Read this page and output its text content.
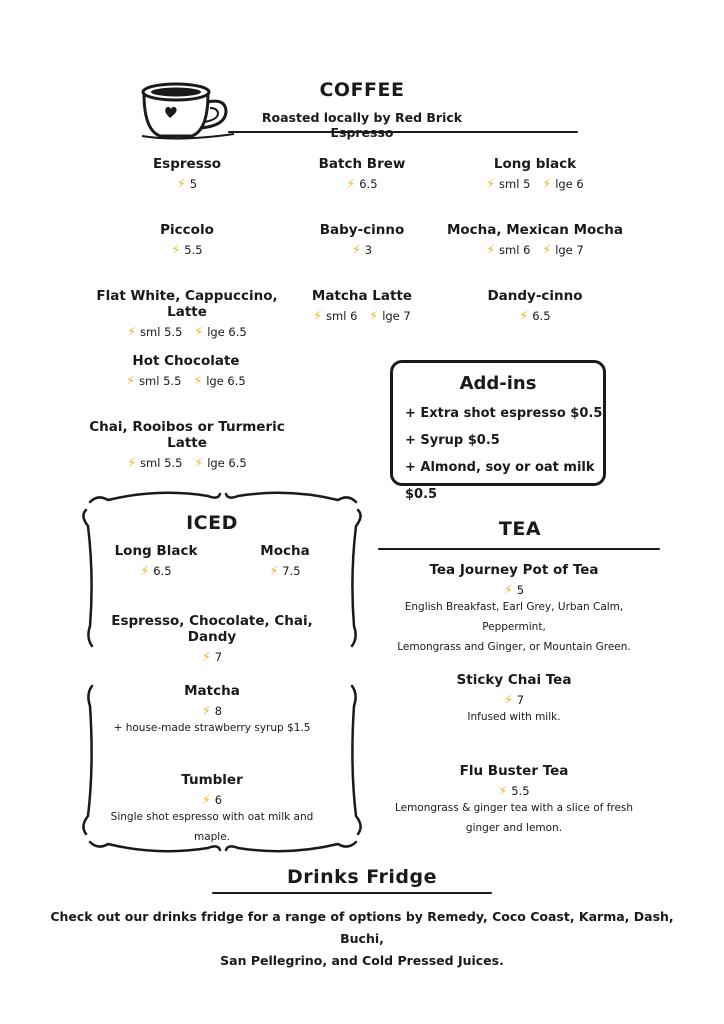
COFFEE
Roasted locally by Red Brick
Espresso
⚡ 5
Batch Brew
⚡ 6.5
Long black
⚡ sml 5 ⚡ lge 6
Piccolo
⚡ 5.5
Baby-cinno
⚡ 3
Mocha, Mexican Mocha
⚡ sml 6 ⚡ lge 7
Flat White, Cappuccino, Latte
⚡ sml 5.5 ⚡ lge 6.5
Matcha Latte
⚡ sml 6 ⚡ lge 7
Dandy-cinno
⚡ 6.5
Hot Chocolate
⚡ sml 5.5 ⚡ lge 6.5
Chai, Rooibos or Turmeric Latte
⚡ sml 5.5 ⚡ lge 6.5
Add-ins
+ Extra shot espresso $0.5
+ Syrup $0.5
+ Almond, soy or oat milk $0.5
ICED
Long Black
⚡ 6.5
Mocha
⚡ 7.5
Espresso, Chocolate, Chai, Dandy
⚡ 7
Matcha
⚡ 8
+ house-made strawberry syrup $1.5
Tumbler
⚡ 6
Single shot espresso with oat milk and maple.
TEA
Tea Journey Pot of Tea
⚡ 5
English Breakfast, Earl Grey, Urban Calm, Peppermint,
Lemongrass and Ginger, or Mountain Green.
Sticky Chai Tea
⚡ 7
Infused with milk.
Flu Buster Tea
⚡ 5.5
Lemongrass & ginger tea with a slice of fresh
ginger and lemon.
Drinks Fridge
Check out our drinks fridge for a range of options by Remedy, Coco Coast, Karma, Dash, Buchi,
San Pellegrino, and Cold Pressed Juices.
